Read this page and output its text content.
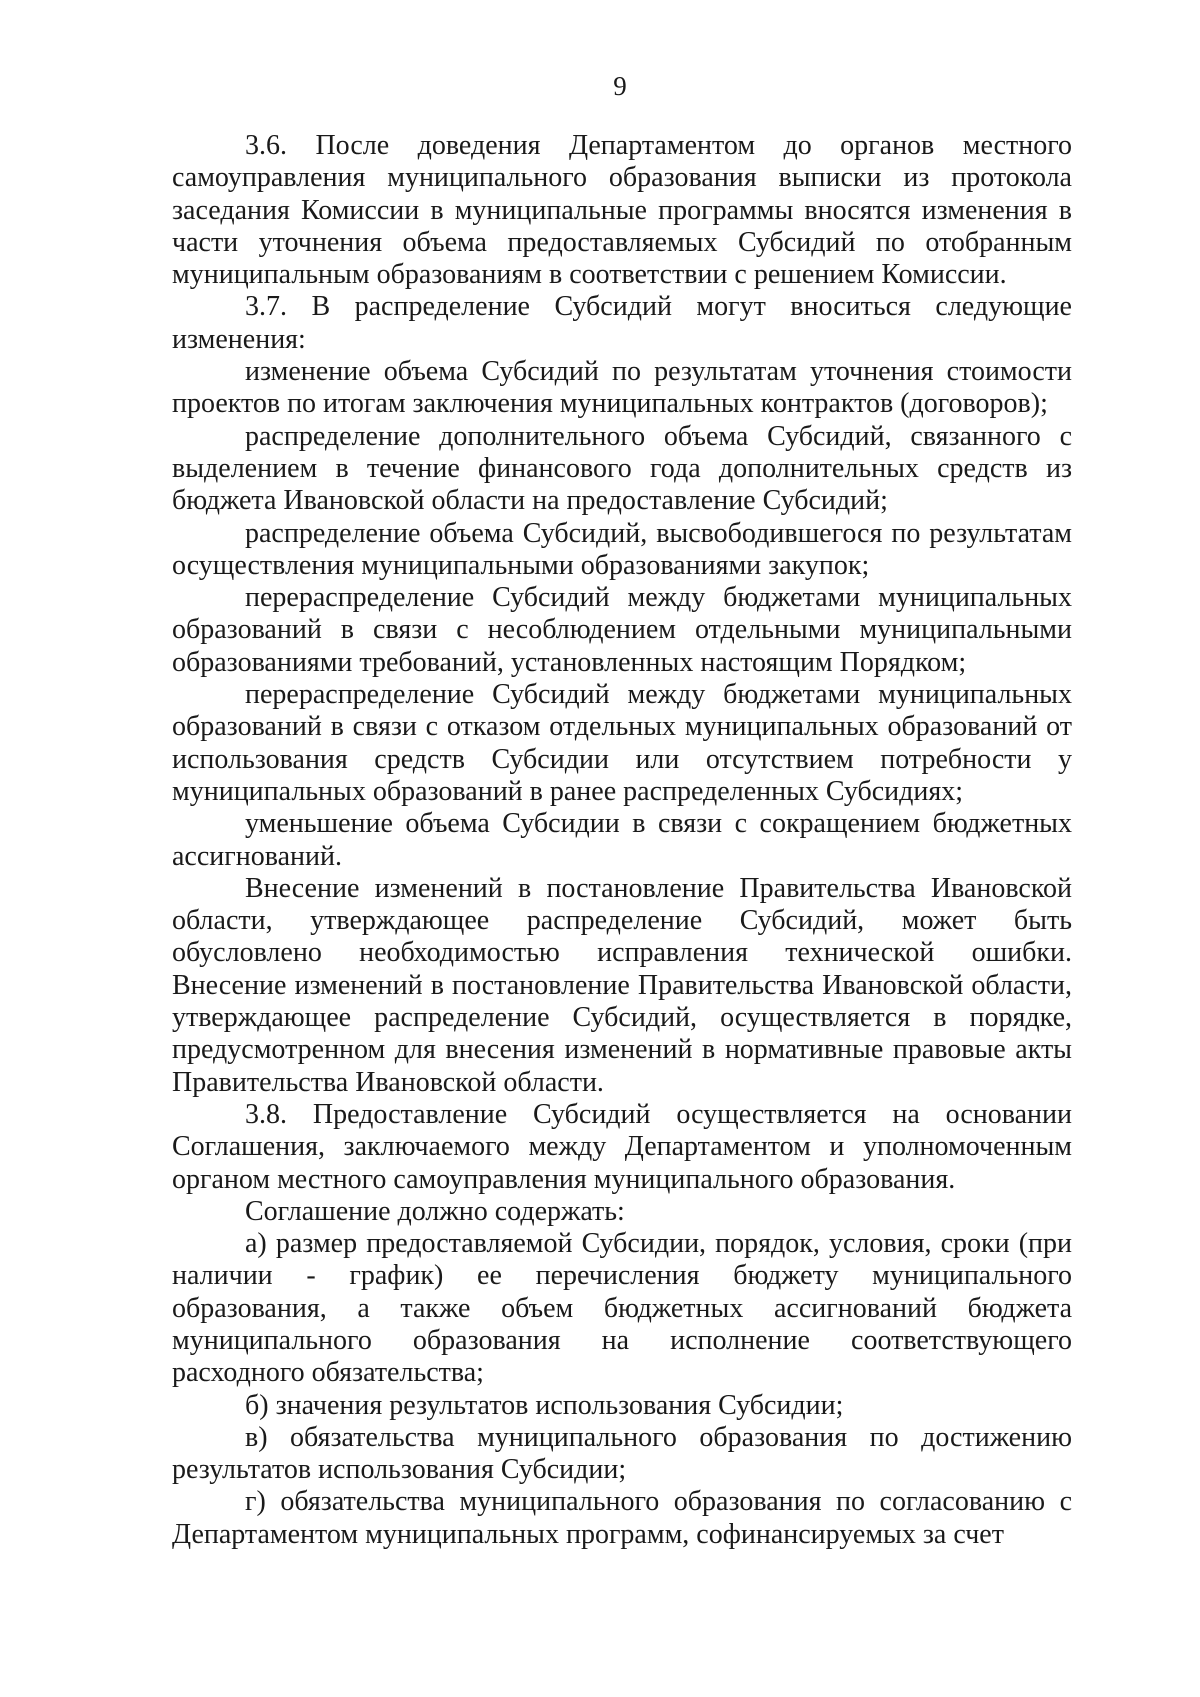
9

3.6. После доведения Департаментом до органов местного самоуправления муниципального образования выписки из протокола заседания Комиссии в муниципальные программы вносятся изменения в части уточнения объема предоставляемых Субсидий по отобранным муниципальным образованиям в соответствии с решением Комиссии.

3.7. В распределение Субсидий могут вноситься следующие изменения:

изменение объема Субсидий по результатам уточнения стоимости проектов по итогам заключения муниципальных контрактов (договоров);

распределение дополнительного объема Субсидий, связанного с выделением в течение финансового года дополнительных средств из бюджета Ивановской области на предоставление Субсидий;

распределение объема Субсидий, высвободившегося по результатам осуществления муниципальными образованиями закупок;

перераспределение Субсидий между бюджетами муниципальных образований в связи с несоблюдением отдельными муниципальными образованиями требований, установленных настоящим Порядком;

перераспределение Субсидий между бюджетами муниципальных образований в связи с отказом отдельных муниципальных образований от использования средств Субсидии или отсутствием потребности у муниципальных образований в ранее распределенных Субсидиях;

уменьшение объема Субсидии в связи с сокращением бюджетных ассигнований.

Внесение изменений в постановление Правительства Ивановской области, утверждающее распределение Субсидий, может быть обусловлено необходимостью исправления технической ошибки. Внесение изменений в постановление Правительства Ивановской области, утверждающее распределение Субсидий, осуществляется в порядке, предусмотренном для внесения изменений в нормативные правовые акты Правительства Ивановской области.

3.8. Предоставление Субсидий осуществляется на основании Соглашения, заключаемого между Департаментом и уполномоченным органом местного самоуправления муниципального образования.

Соглашение должно содержать:

а) размер предоставляемой Субсидии, порядок, условия, сроки (при наличии - график) ее перечисления бюджету муниципального образования, а также объем бюджетных ассигнований бюджета муниципального образования на исполнение соответствующего расходного обязательства;

б) значения результатов использования Субсидии;

в) обязательства муниципального образования по достижению результатов использования Субсидии;

г) обязательства муниципального образования по согласованию с Департаментом муниципальных программ, софинансируемых за счет
